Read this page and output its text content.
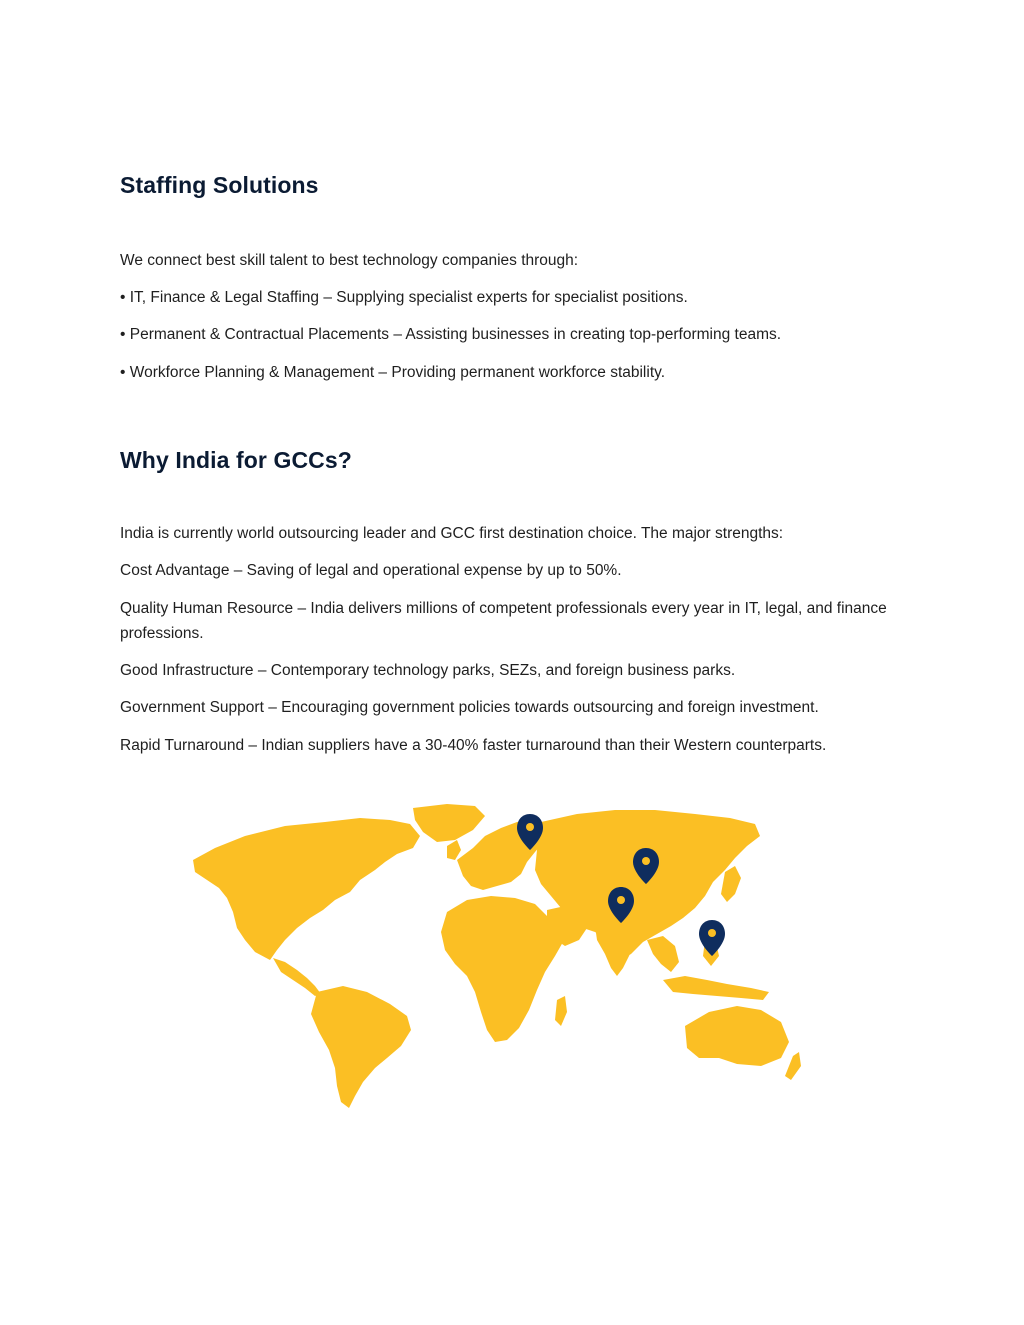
Staffing Solutions

We connect best skill talent to best technology companies through:

• IT, Finance & Legal Staffing – Supplying specialist experts for specialist positions.

• Permanent & Contractual Placements – Assisting businesses in creating top-performing teams.

• Workforce Planning & Management – Providing permanent workforce stability.

Why India for GCCs?

India is currently world outsourcing leader and GCC first destination choice. The major strengths:

Cost Advantage – Saving of legal and operational expense by up to 50%.

Quality Human Resource – India delivers millions of competent professionals every year in IT, legal, and finance professions.

Good Infrastructure – Contemporary technology parks, SEZs, and foreign business parks.

Government Support – Encouraging government policies towards outsourcing and foreign investment.

Rapid Turnaround – Indian suppliers have a 30-40% faster turnaround than their Western counterparts.
